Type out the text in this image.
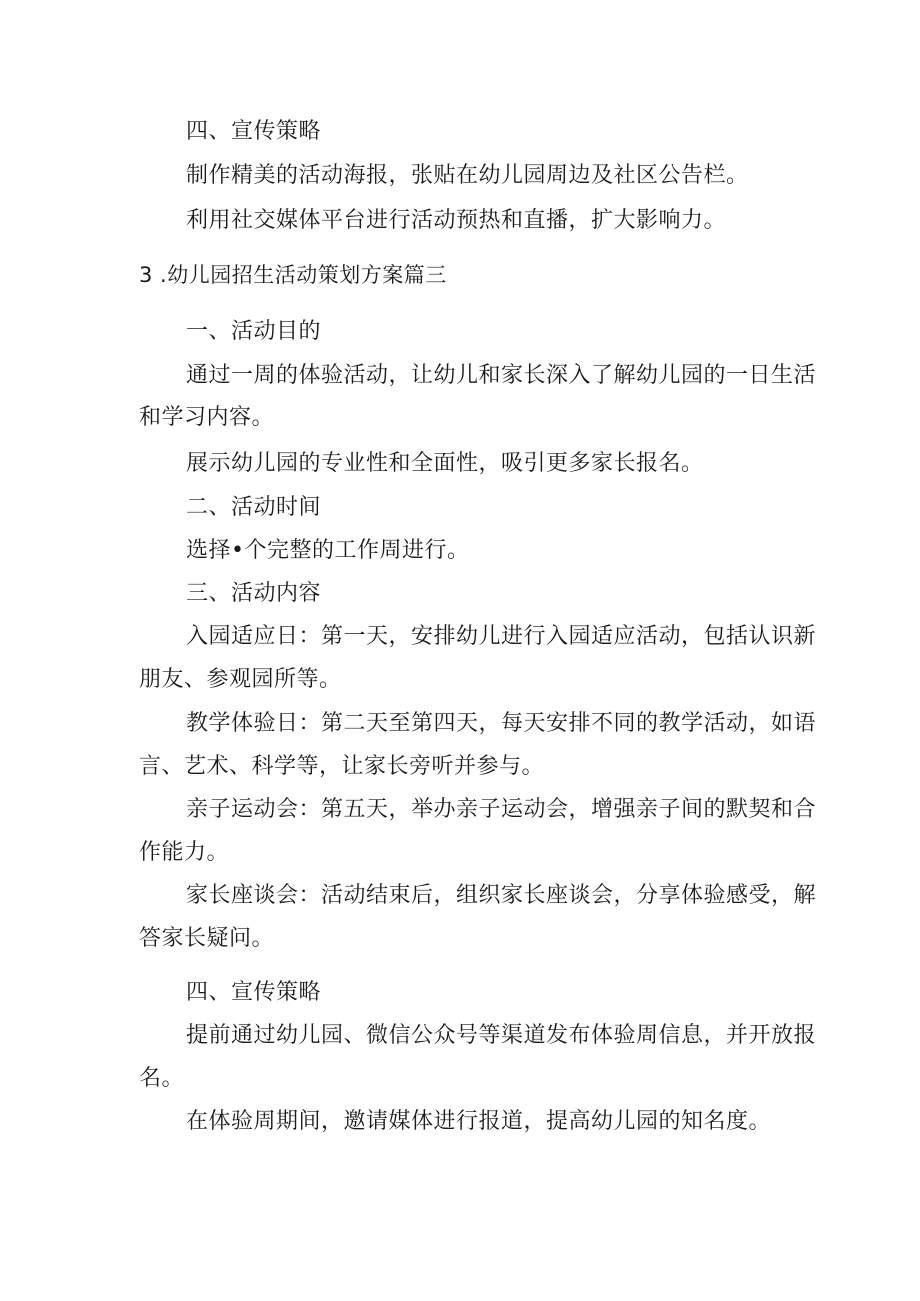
四、宣传策略

制作精美的活动海报，张贴在幼儿园周边及社区公告栏。

利用社交媒体平台进行活动预热和直播，扩大影响力。

3 .幼儿园招生活动策划方案篇三

一、活动目的

通过一周的体验活动，让幼儿和家长深入了解幼儿园的一日生活

和学习内容。

展示幼儿园的专业性和全面性，吸引更多家长报名。

二、活动时间

选择•个完整的工作周进行。

三、活动内容

入园适应日：第一天，安排幼儿进行入园适应活动，包括认识新

朋友、参观园所等。

教学体验日：第二天至第四天，每天安排不同的教学活动，如语

言、艺术、科学等，让家长旁听并参与。

亲子运动会：第五天，举办亲子运动会，增强亲子间的默契和合

作能力。

家长座谈会：活动结束后，组织家长座谈会，分享体验感受，解

答家长疑问。

四、宣传策略

提前通过幼儿园、微信公众号等渠道发布体验周信息，并开放报

名。

在体验周期间，邀请媒体进行报道，提高幼儿园的知名度。
